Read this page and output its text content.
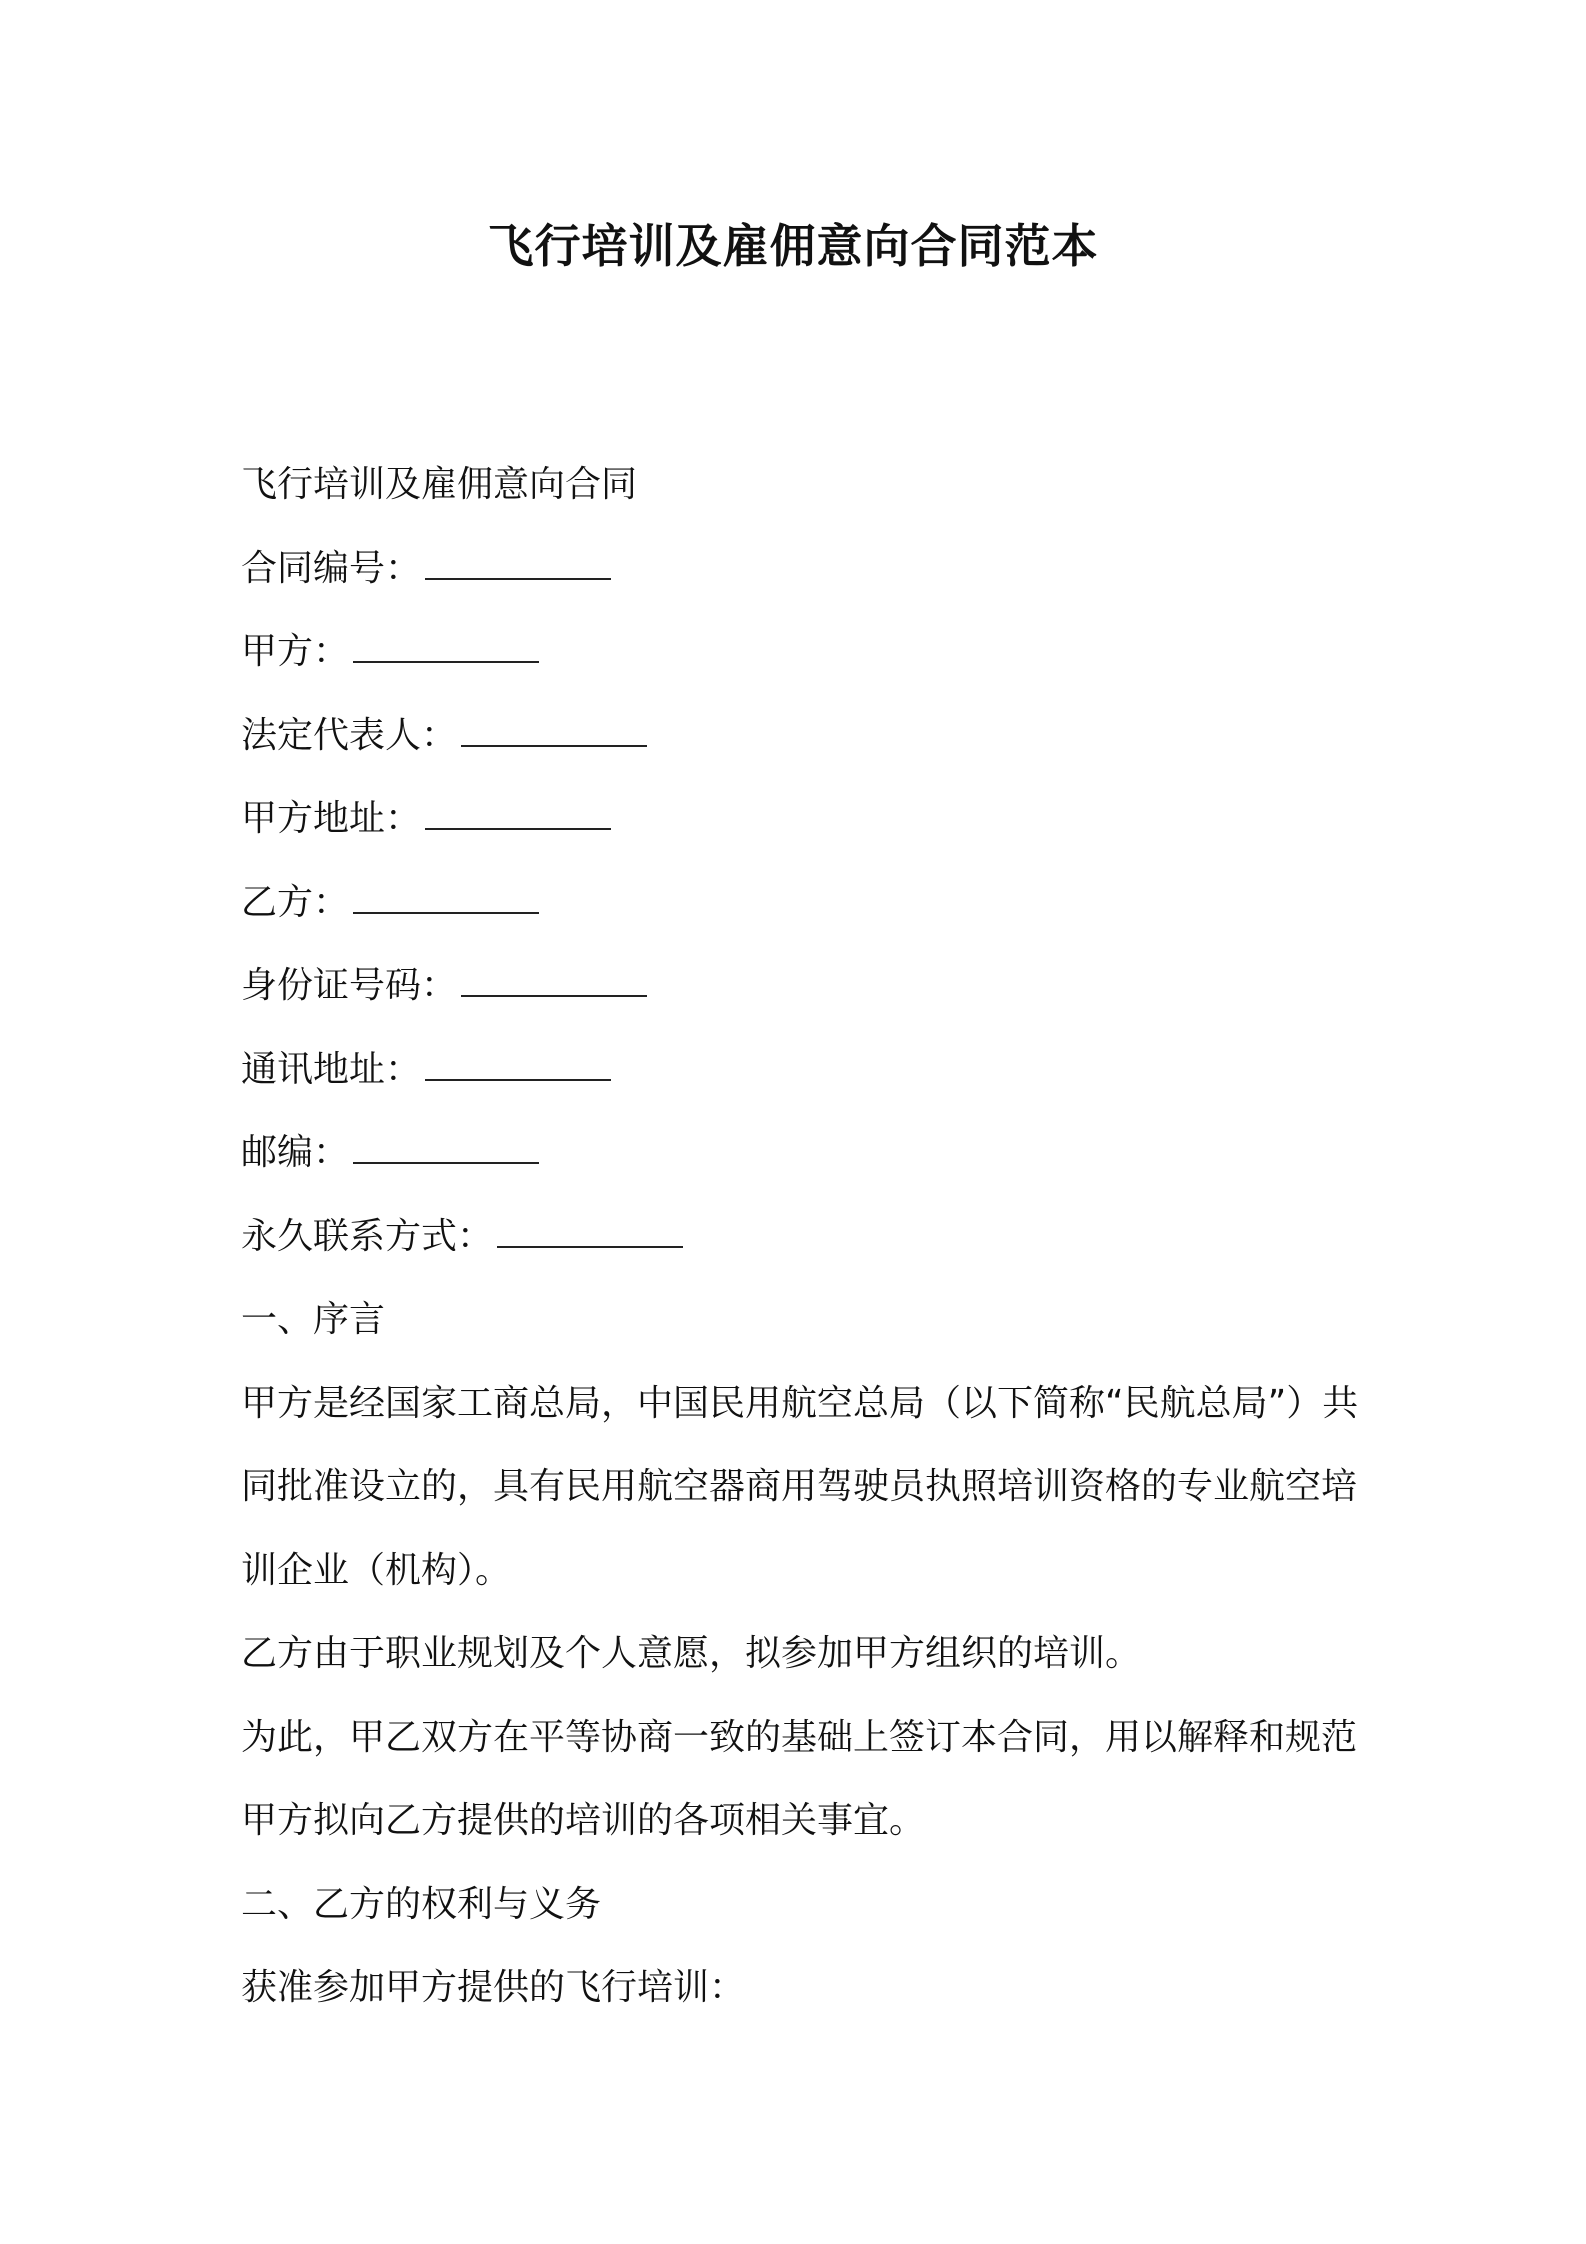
飞行培训及雇佣意向合同范本
飞行培训及雇佣意向合同
合同编号：
甲方：
法定代表人：
甲方地址：
乙方：
身份证号码：
通讯地址：
邮编：
永久联系方式：
一、序言
甲方是经国家工商总局，中国民用航空总局（以下简称“民航总局”）共同批准设立的，具有民用航空器商用驾驶员执照培训资格的专业航空培训企业（机构）。
乙方由于职业规划及个人意愿，拟参加甲方组织的培训。
为此，甲乙双方在平等协商一致的基础上签订本合同，用以解释和规范甲方拟向乙方提供的培训的各项相关事宜。
二、乙方的权利与义务
获准参加甲方提供的飞行培训：
